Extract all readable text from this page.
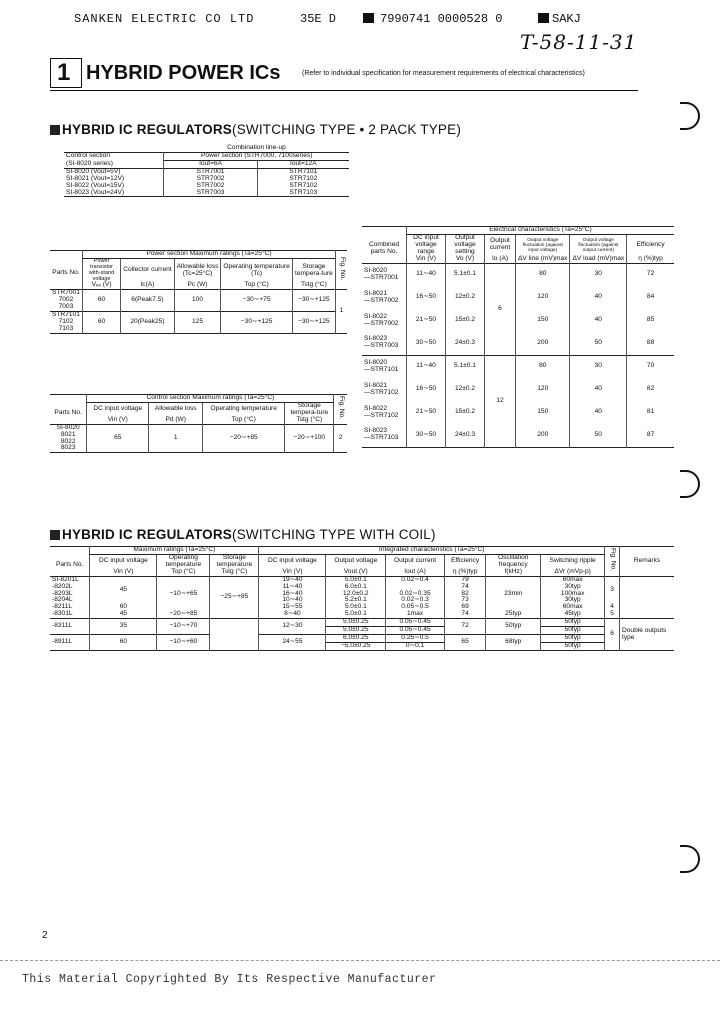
SANKEN ELECTRIC CO LTD	35E D	7990741 0000528 0	SAKJ
T-58-11-31
1 HYBRID POWER ICs	(Refer to individual specification for measurement requirements of electrical characteristics)
HYBRID IC REGULATORS(SWITCHING TYPE • 2 PACK TYPE)
	Combination line-up	
Control section	Power section (STR7000, 7100series)	
(SI-8020 series)	Iout=6A	Iout=12A
SI-8020 (Vout=5V)	STR7001	STR7101
SI-8021 (Vout=12V)	STR7002	STR7102
SI-8022 (Vout=15V)	STR7002	STR7102
SI-8023 (Vout=24V)	STR7003	STR7103
	Power section Maximum ratings (Ta=25°C)					Fig. No.
Parts No.	Power transistor with-stand voltage	Collector current	Allowable loss
(Tc=25°C)	Operating temperature
(Tc)	Storage tempera-ture	
	Vₑₑ (V)	Ic(A)	Pc (W)	Top (°C)	Tstg (°C)	
STR7001	60	6(Peak7.5)	100	−30∼+75	−30∼+125	1
7002						
7003						
STR7101	60	20(Peak25)	125	−30∼+125	−30∼+125	
7102						
7103						
	Control section Maximum ratings (Ta=25°C)				Fig. No.
Parts No.	DC input voltage	Allowable loss	Operating temperature	Storage tempera-ture	
	Vin (V)	Pd (W)	Top (°C)	Tstg (°C)	
SI-8020	65	1	−20∼+85	−20∼+100	2
8021					
8022					
8023					
	Electrical characteristics (Ta=25°C)					
Combined parts No.	DC input voltage range	Output voltage setting	Output current	Output voltage fluctuation (against input voltage)	Output voltage fluctuation (against output current)	Efficiency
	Vin (V)	Vo (V)	Io (A)	ΔV line (mV)max	ΔV load (mV)max	η (%)typ
SI-8020
—STR7001	11∼40	5.1±0.1	6	80	30	72
SI-8021
—STR7002	16∼50	12±0.2		120	40	84
SI-8022
—STR7002	21∼50	15±0.2		150	40	85
SI-8023
—STR7003	30∼50	24±0.3		200	50	88
SI-8020
—STR7101	11∼40	5.1±0.1	12	80	30	70
SI-8021
—STR7102	16∼50	12±0.2		120	40	82
SI-8022
—STR7102	21∼50	15±0.2		150	40	81
SI-8023
—STR7103	30∼50	24±0.3		200	50	87
HYBRID IC REGULATORS(SWITCHING TYPE WITH COIL)
	Maximum ratings (Ta=25°C)			Integrated characteristics (Ta=25°C)						Fig. No.	Remarks
Parts No.	DC input voltage	Operating temperature	Storage temperature	DC input voltage	Output voltage	Output current	Efficiency	Oscillation frequency	Switching ripple		
	Vin (V)	Top (°C)	Tstg (°C)	Vin (V)	Vout (V)	Iout (A)	η (%)typ	f(kHz)	ΔVr (mVp-p)		
SI-8201L	45	−10∼+65	−25∼+85	19∼40	5.0±0.1	0.02∼0.4	79	23min	60max	3	
-8202L				11∼40	6.0±0.1		74		30typ		
-8203L				16∼40	12.0±0.2	0.02∼0.35	82		100max		
-8204L				10∼40	5.2±0.1	0.02∼0.3	73		30typ		
-8211L	60			15∼55	5.0±0.1	0.05∼0.5	69		60max	4	
-8301L	45	−20∼+85		8∼40	5.0±0.1	1max	74	25typ	45typ	5	
-8311L	35	−10∼+70		12∼30	5.0±0.25	0.05∼0.45	72	50typ	50typ	6	Double outputs type
					5.0±0.25	0.05∼0.45			50typ		
-8911L	60	−10∼+60		24∼55	6.0±0.25	0.25∼0.5	65	68typ	50typ		
					−5.0±0.25	0∼0.1			50typ		
2
This Material Copyrighted By Its Respective Manufacturer
